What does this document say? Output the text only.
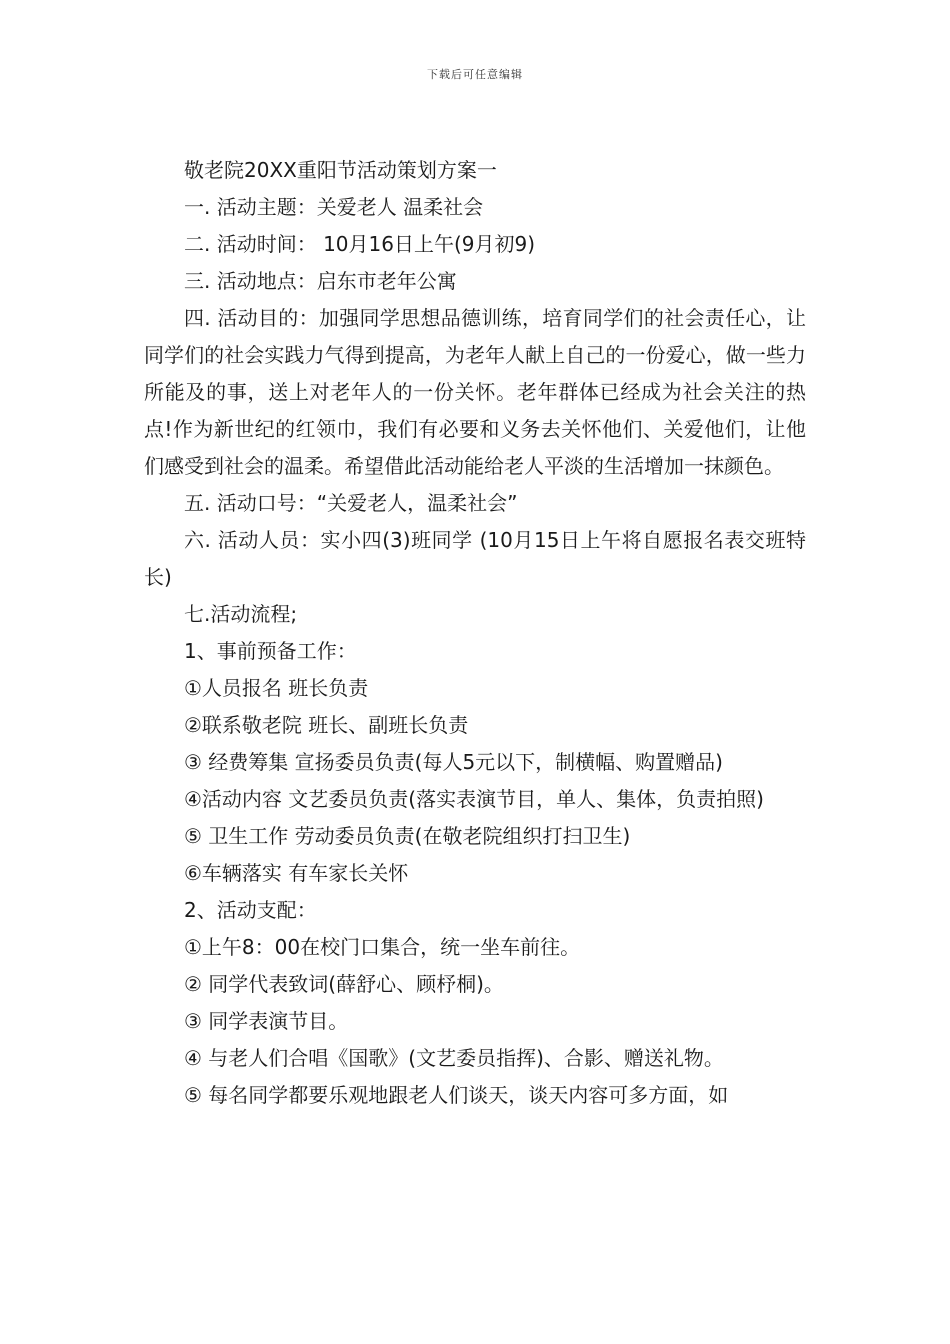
下载后可任意编辑

敬老院20XX重阳节活动策划方案一

一. 活动主题：关爱老人 温柔社会

二. 活动时间： 10月16日上午(9月初9)

三. 活动地点：启东市老年公寓

四. 活动目的：加强同学思想品德训练，培育同学们的社会责任心，让同学们的社会实践力气得到提高，为老年人献上自己的一份爱心，做一些力所能及的事，送上对老年人的一份关怀。老年群体已经成为社会关注的热点!作为新世纪的红领巾，我们有必要和义务去关怀他们、关爱他们，让他们感受到社会的温柔。希望借此活动能给老人平淡的生活增加一抹颜色。

五. 活动口号：“关爱老人，温柔社会”

六. 活动人员：实小四(3)班同学 (10月15日上午将自愿报名表交班特长)

七.活动流程;

1、事前预备工作：

①人员报名 班长负责

②联系敬老院 班长、副班长负责

③ 经费筹集 宣扬委员负责(每人5元以下，制横幅、购置赠品)

④活动内容 文艺委员负责(落实表演节目，单人、集体，负责拍照)

⑤ 卫生工作 劳动委员负责(在敬老院组织打扫卫生)

⑥车辆落实 有车家长关怀

2、活动支配：

①上午8：00在校门口集合，统一坐车前往。

② 同学代表致词(薛舒心、顾杼桐)。

③ 同学表演节目。

④ 与老人们合唱《国歌》(文艺委员指挥)、合影、赠送礼物。

⑤ 每名同学都要乐观地跟老人们谈天，谈天内容可多方面，如
